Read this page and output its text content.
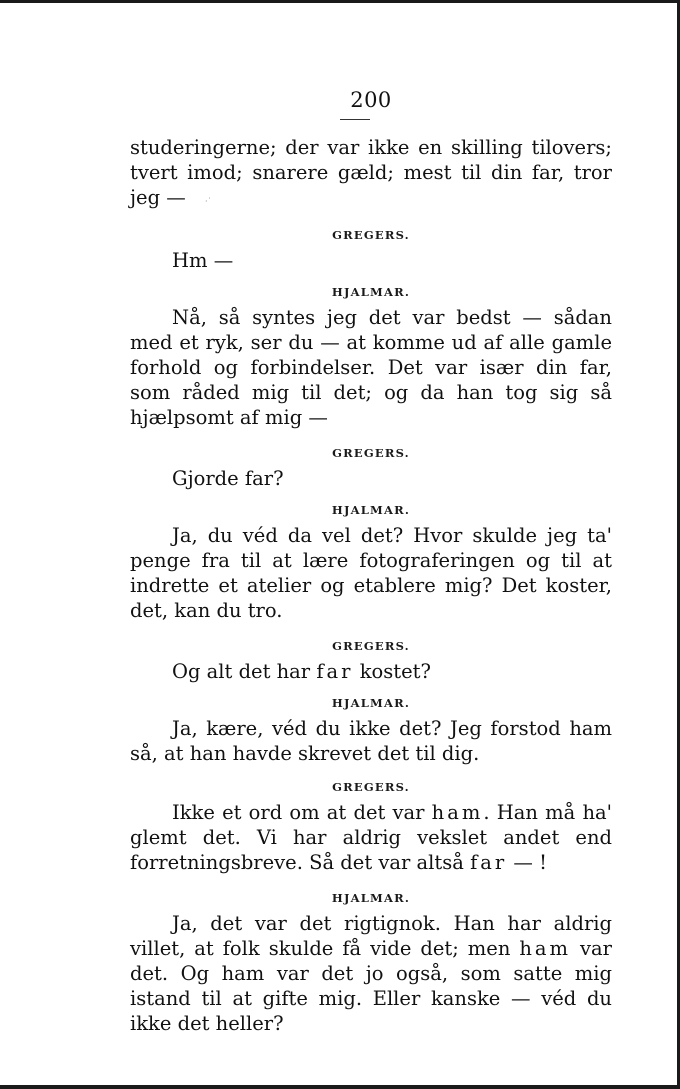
200
·˙

studeringerne; der var ikke en skilling tilovers; tvert imod; snarere gæld; mest til din far, tror jeg —

GREGERS.

Hm —

HJALMAR.

Nå, så syntes jeg det var bedst — sådan med et ryk, ser du — at komme ud af alle gamle forhold og forbindelser. Det var især din far, som råded mig til det; og da han tog sig så hjælpsomt af mig —

GREGERS.

Gjorde far?

HJALMAR.

Ja, du véd da vel det? Hvor skulde jeg ta' penge fra til at lære fotograferingen og til at indrette et atelier og etablere mig? Det koster, det, kan du tro.

GREGERS.

Og alt det har far kostet?

HJALMAR.

Ja, kære, véd du ikke det? Jeg forstod ham så, at han havde skrevet det til dig.

GREGERS.

Ikke et ord om at det var ham. Han må ha' glemt det. Vi har aldrig vekslet andet end forretningsbreve. Så det var altså far — !

HJALMAR.

Ja, det var det rigtignok. Han har aldrig villet, at folk skulde få vide det; men ham var det. Og ham var det jo også, som satte mig istand til at gifte mig. Eller kanske — véd du ikke det heller?
